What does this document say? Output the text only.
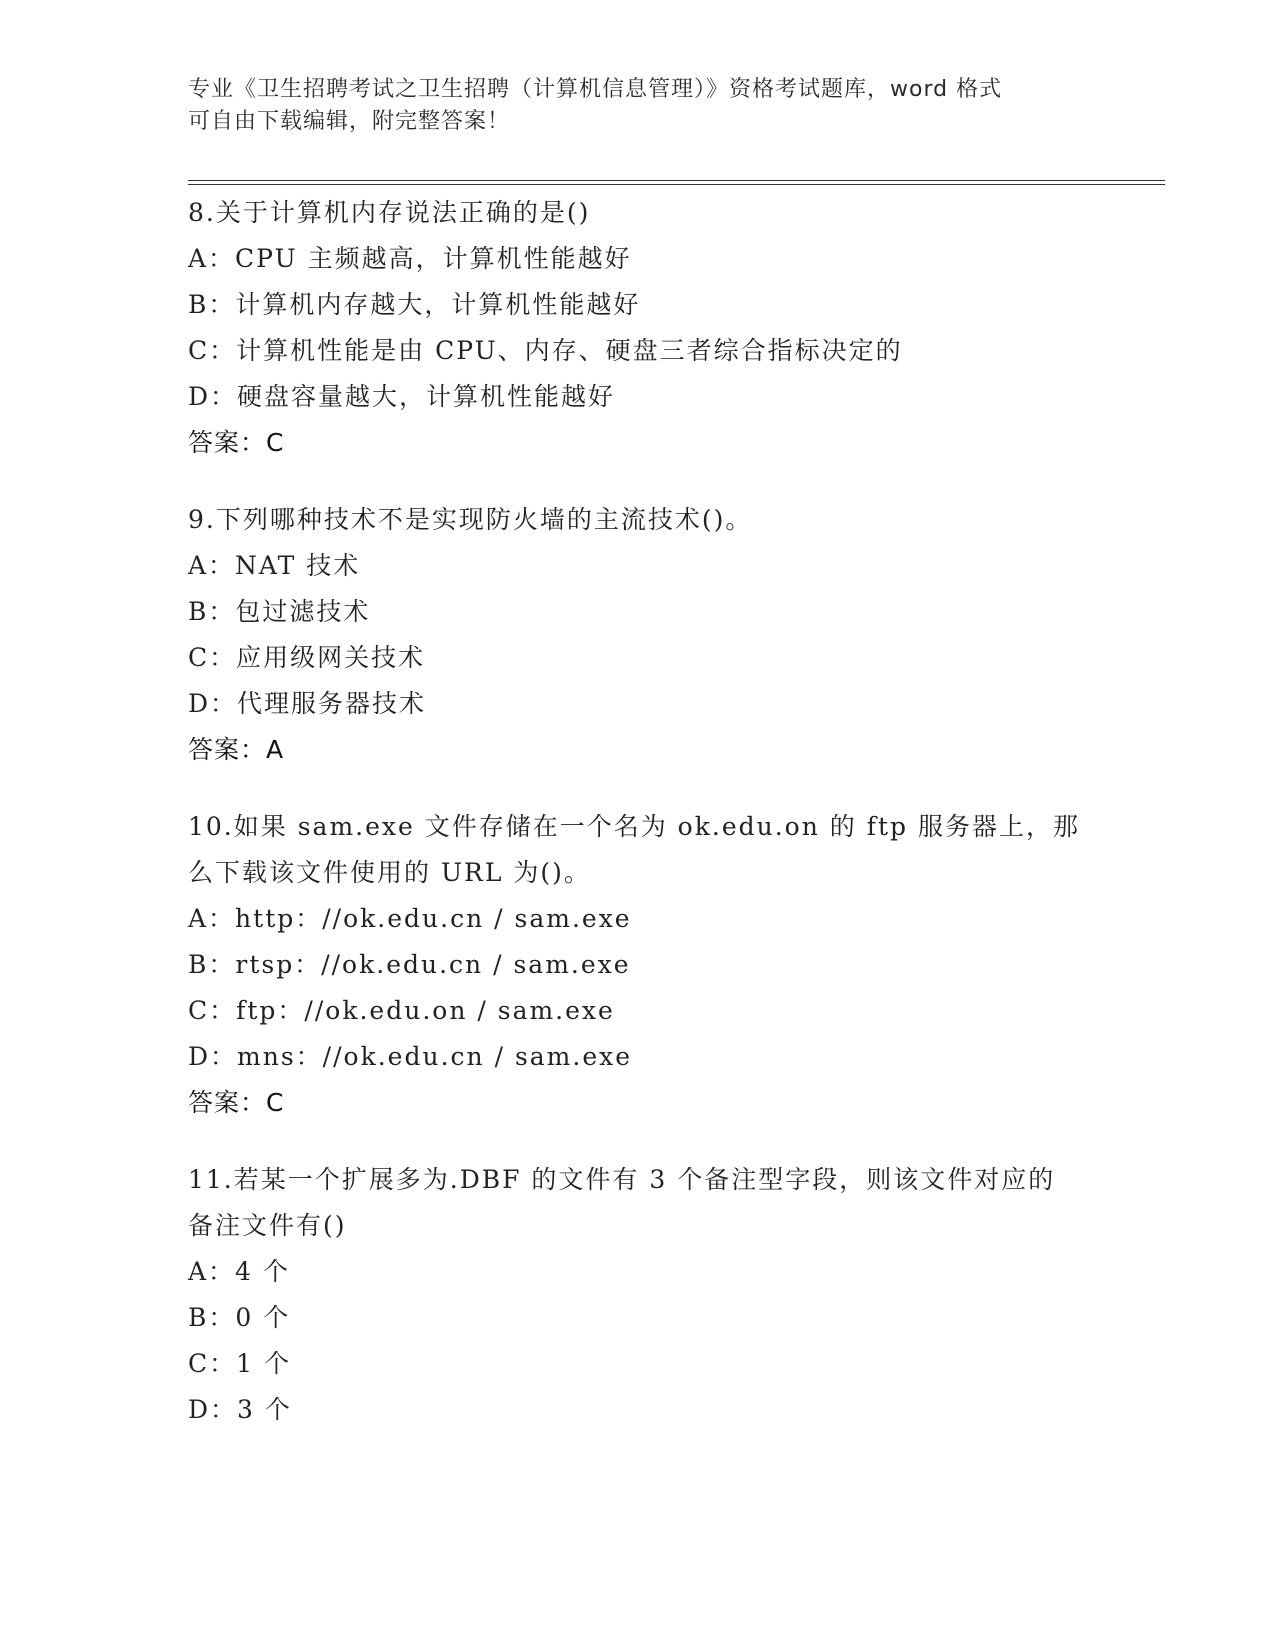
专业《卫生招聘考试之卫生招聘（计算机信息管理）》资格考试题库，word 格式
可自由下载编辑，附完整答案！
8.关于计算机内存说法正确的是()
A：CPU 主频越高，计算机性能越好
B：计算机内存越大，计算机性能越好
C：计算机性能是由 CPU、内存、硬盘三者综合指标决定的
D：硬盘容量越大，计算机性能越好
答案：C
9.下列哪种技术不是实现防火墙的主流技术()。
A：NAT 技术
B：包过滤技术
C：应用级网关技术
D：代理服务器技术
答案：A
10.如果 sam.exe 文件存储在一个名为 ok.edu.on 的 ftp 服务器上，那
么下载该文件使用的 URL 为()。
A：http：//ok.edu.cn / sam.exe
B：rtsp：//ok.edu.cn / sam.exe
C：ftp：//ok.edu.on / sam.exe
D：mns：//ok.edu.cn / sam.exe
答案：C
11.若某一个扩展多为.DBF 的文件有 3 个备注型字段，则该文件对应的
备注文件有()
A：4 个
B：0 个
C：1 个
D：3 个
